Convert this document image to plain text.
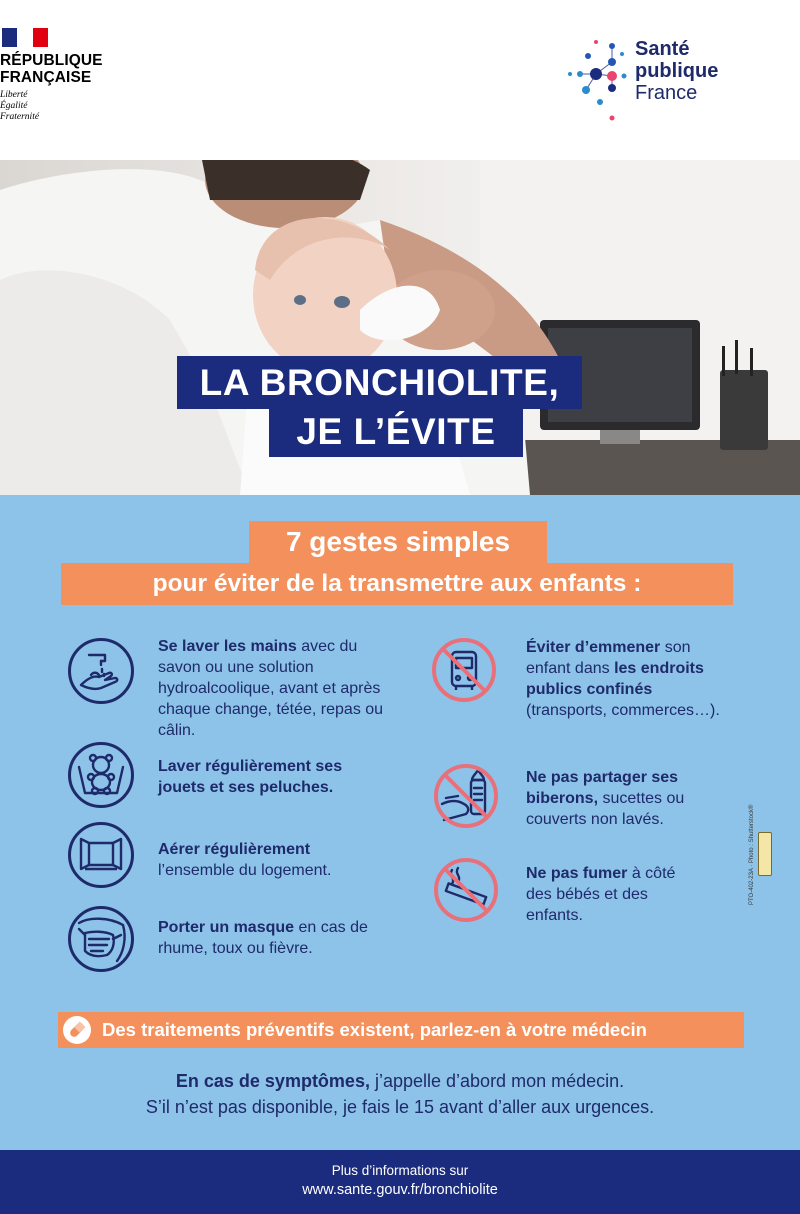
RÉPUBLIQUE
FRANÇAISE
Liberté
Égalité
Fraternité
Santé
publique
France
LA BRONCHIOLITE,
JE L’ÉVITE
7 gestes simples
pour éviter de la transmettre aux enfants :
Se laver les mains avec du savon ou une solution hydroalcoolique, avant et après chaque change, tétée, repas ou câlin.
Laver régulièrement ses jouets et ses peluches.
Aérer régulièrement l’ensemble du logement.
Porter un masque en cas de rhume, toux ou fièvre.
Éviter d’emmener son enfant dans les endroits publics confinés (transports, commerces…).
Ne pas partager ses biberons, sucettes ou couverts non lavés.
Ne pas fumer à côté des bébés et des enfants.
PTO-402-23A · Photo : Shutterstock®
Des traitements préventifs existent, parlez-en à votre médecin
En cas de symptômes, j’appelle d’abord mon médecin.
S’il n’est pas disponible, je fais le 15 avant d’aller aux urgences.
Plus d’informations sur
www.sante.gouv.fr/bronchiolite
